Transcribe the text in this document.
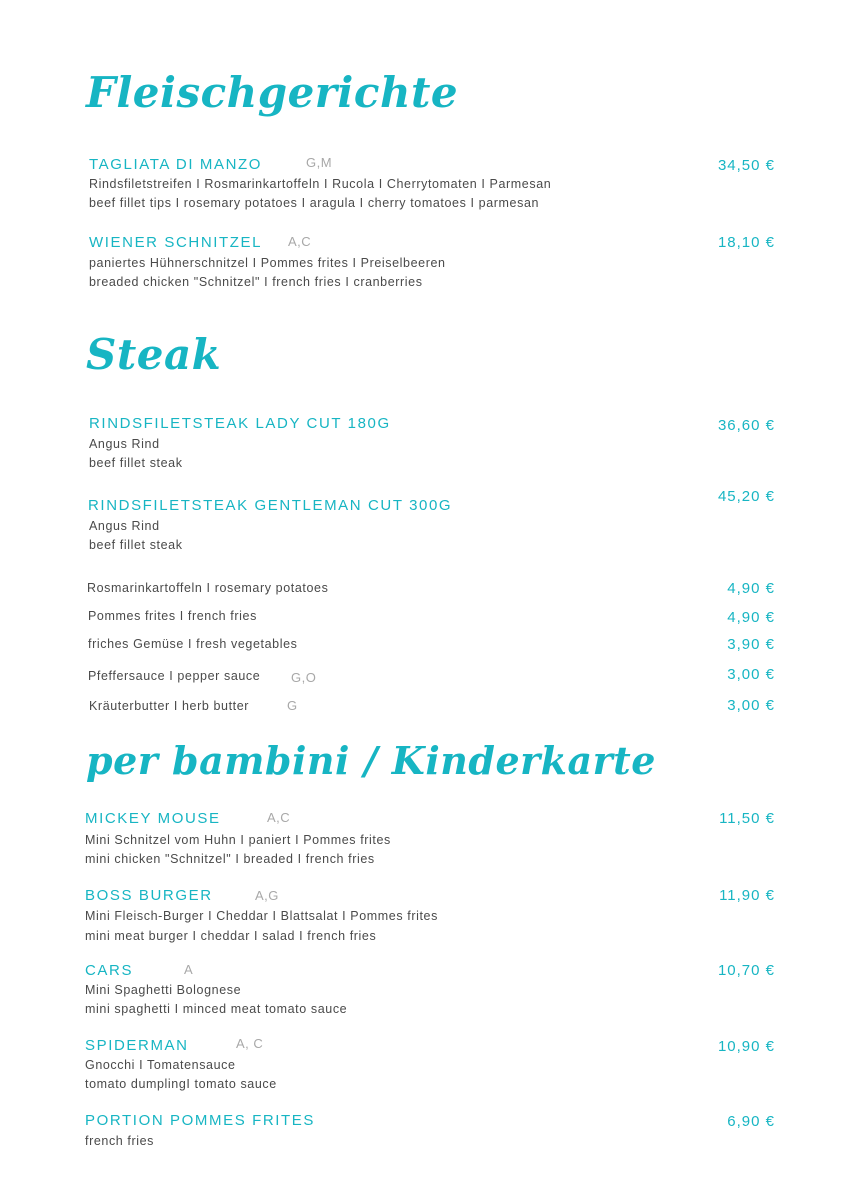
Fleischgerichte
TAGLIATA DI MANZO	G,M
Rindsfiletstreifen I Rosmarinkartoffeln I Rucola I Cherrytomaten I Parmesan
beef fillet tips I rosemary potatoes I aragula I cherry tomatoes I parmesan
34,50 €
WIENER SCHNITZEL A,C
paniertes Hühnerschnitzel I Pommes frites I Preiselbeeren
breaded chicken "Schnitzel" I french fries I cranberries
18,10 €
Steak
RINDSFILETSTEAK LADY CUT 180G
Angus Rind
beef fillet steak
36,60 €
RINDSFILETSTEAK GENTLEMAN CUT 300G
Angus Rind
beef fillet steak
45,20 €
Rosmarinkartoffeln I rosemary potatoes	4,90 €
Pommes frites I french fries	4,90 €
friches Gemüse I fresh vegetables	3,90 €
Pfeffersauce I pepper sauce G,O	3,00 €
Kräuterbutter I herb butter	G	3,00 €
per bambini / Kinderkarte
MICKEY MOUSE	A,C
Mini Schnitzel vom Huhn I paniert I Pommes frites
mini chicken "Schnitzel" I breaded I french fries
11,50 €
BOSS BURGER	A,G
Mini Fleisch-Burger I Cheddar I Blattsalat I Pommes frites
mini meat burger I cheddar I salad I french fries
11,90 €
CARS	A
Mini Spaghetti Bolognese
mini spaghetti I minced meat tomato sauce
10,70 €
SPIDERMAN	A, C
Gnocchi I Tomatensauce
tomato dumplingI tomato sauce
10,90 €
PORTION POMMES FRITES
french fries
6,90 €
